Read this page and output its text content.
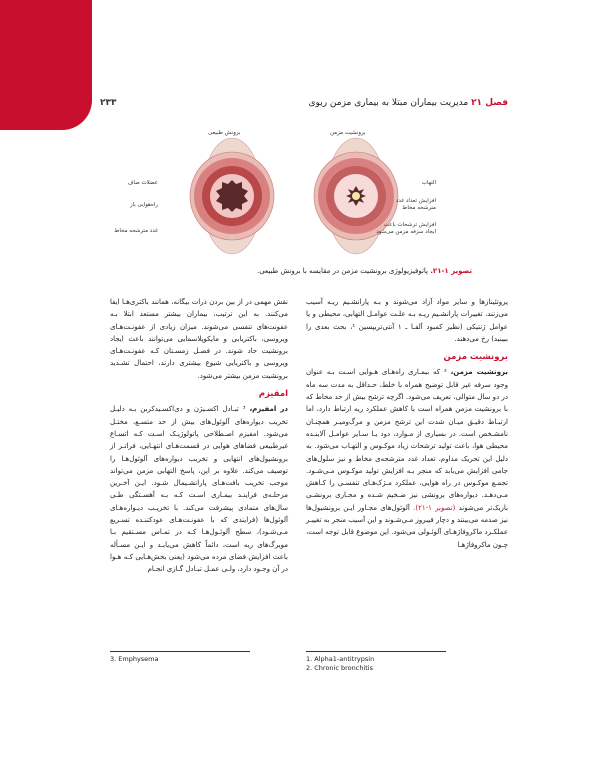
فصل ۲۱ مدیریت بیماران مبتلا به بیماری مزمن ریوی
۲۳۳
برونش طبیعی	برونشیت مزمن
عضلات صاف
راه‌هوایی باز
غدد مترشحه مخاط
التهاب
افزایش تعداد غدد مترشحه مخاط
افزایش ترشحات باعث ایجاد سرفه مزمن می‌شود
تصویر ۱-۲۱. پاتوفیزیولوژی برونشیت مزمن در مقایسه با برونش طبیعی.

پروتئینازها و سایر مواد آزاد می‌شوند و بـه پارانشـیم ریـه آسیب می‌زنند. تغییرات پارانشـیم ریـه بـه علـت عوامـل التهابی، محیطی و یا عوامل ژنتیکی (نظیر کمبود آلفـا ـ ۱ آنتی‌تریپسین ¹، بحث بعدی را ببینید) رخ می‌دهند.

برونشیت مزمن

برونشیت مزمن، ² که بیمـاری راه‌هـای هـوایی اسـت بـه عنوان وجود سرفه غیر قابل توضیح همراه با خلط، حـداقل به مدت سه ماه در دو سال متوالی، تعریف می‌شود. اگرچه ترشح بیش از حد مخاط که با برونشیت مزمن همراه است با کاهش عملکرد ریه ارتباط دارد، اما ارتبـاط دقیـق میـان شدت این ترشح مزمن و مرگ‌ومیـر همچنـان نامشـخص است. در بسیاری از مـوارد، دود یـا سـایر عوامـل آلاینـده محیطی هوا، باعث تولید ترشحات زیاد موکـوس و التهـاب می‌شود. به دلیل این تحریک مداوم، تعداد غدد مترشحه‌ی مخاط و نیز سلول‌های جامی افزایش می‌یابد که منجر بـه افزایش تولید موکـوس مـی‌شـود. تجمـع موکـوس در راه هوایی، عملکرد مـژک‌هـای تنفسـی را کـاهش مـی‌دهـد. دیواره‌های برونشی نیز ضـخیم شـده و مجـاری برونشـی باریک‌تر می‌شوند (تصویر ۱-۲۱). آلوئول‌های مجـاور ایـن برونشیول‌ها نیز صدمه می‌بینند و دچار فیبروز مـی‌شـوند و این آسیب منجر به تغییـر عملکـرد ماکروفاژهـای آلوئـولی می‌شود. این موضوع قابل توجه است، چـون ماکروفاژهـا

نقش مهمی در از بین بردن ذرات بیگانه، همانند باکتری‌هـا ایفا می‌کنند. به این ترتیب، بیماران بیشتر مستعد ابتلا بـه عفونت‌های تنفسی می‌شوند. میزان زیادی از عفونـت‌هـای ویروسی، باکتریایی و مایکوپلاسمایی می‌توانند باعث ایجاد برونشیت حاد شوند. در فصـل زمسـتان کـه عفونـت‌هـای ویروسی و باکتریایی شیوع بیشتری دارند، احتمال تشـدید برونشیت مزمن بیشتر می‌شود.

امفیزم

در امفیزم، ³ تبـادل اکسـیژن و دی‌اکسـیدکربن بـه دلیـل تخریب دیواره‌های آلوئول‌های بیش از حد متسـع، مختـل می‌شود. امفیزم اصـطلاحی پاتولوژیـک اسـت کـه اتسـاع غیرطبیعی فضاهای هوایی در قسمت‌هـای انتهـایی، فراتـر از برونشیول‌های انتهایی و تخریب دیواره‌های آلوئول‌هـا را توصیف می‌کند. علاوه بر این، پاسخ التهابی مزمن می‌تواند موجب تخریب بافت‌هـای پارانشـیمال شـود. ایـن آخـرین مرحلـه‌ی فراینـد بیمـاری اسـت کـه بـه آهسـتگی طـی سال‌های متمادی پیشرفت می‌کند. با تخریـب دیـواره‌هـای آلوئول‌ها (فرایندی که با عفونـت‌هـای عودکننـده تسـریع مـی‌شـود)، سطح آلوئـول‌هـا کـه در تمـاس مسـتقیم بـا مویرگ‌های ریه است، دائماً کاهش می‌یابـد و ایـن مسـأله باعث افزایش فضای مرده می‌شود (یعنی بخش‌هـایی کـه هـوا در آن وجـود دارد، ولـی عمـل تبـادل گـازی انجـام

1. Alpha1-antitrypsin
2. Chronic bronchitis
3. Emphysema
